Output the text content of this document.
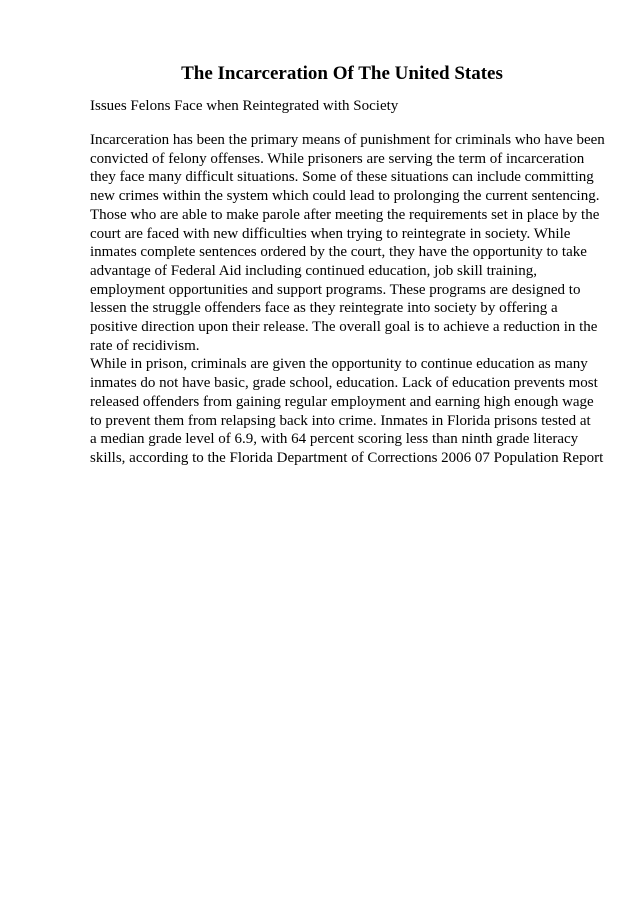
The Incarceration Of The United States

Issues Felons Face when Reintegrated with Society

Incarceration has been the primary means of punishment for criminals who have been
convicted of felony offenses. While prisoners are serving the term of incarceration
they face many difficult situations. Some of these situations can include committing
new crimes within the system which could lead to prolonging the current sentencing.
Those who are able to make parole after meeting the requirements set in place by the
court are faced with new difficulties when trying to reintegrate in society. While
inmates complete sentences ordered by the court, they have the opportunity to take
advantage of Federal Aid including continued education, job skill training,
employment opportunities and support programs. These programs are designed to
lessen the struggle offenders face as they reintegrate into society by offering a
positive direction upon their release. The overall goal is to achieve a reduction in the
rate of recidivism.
While in prison, criminals are given the opportunity to continue education as many
inmates do not have basic, grade school, education. Lack of education prevents most
released offenders from gaining regular employment and earning high enough wage
to prevent them from relapsing back into crime. Inmates in Florida prisons tested at
a median grade level of 6.9, with 64 percent scoring less than ninth grade literacy
skills, according to the Florida Department of Corrections 2006 07 Population Report
